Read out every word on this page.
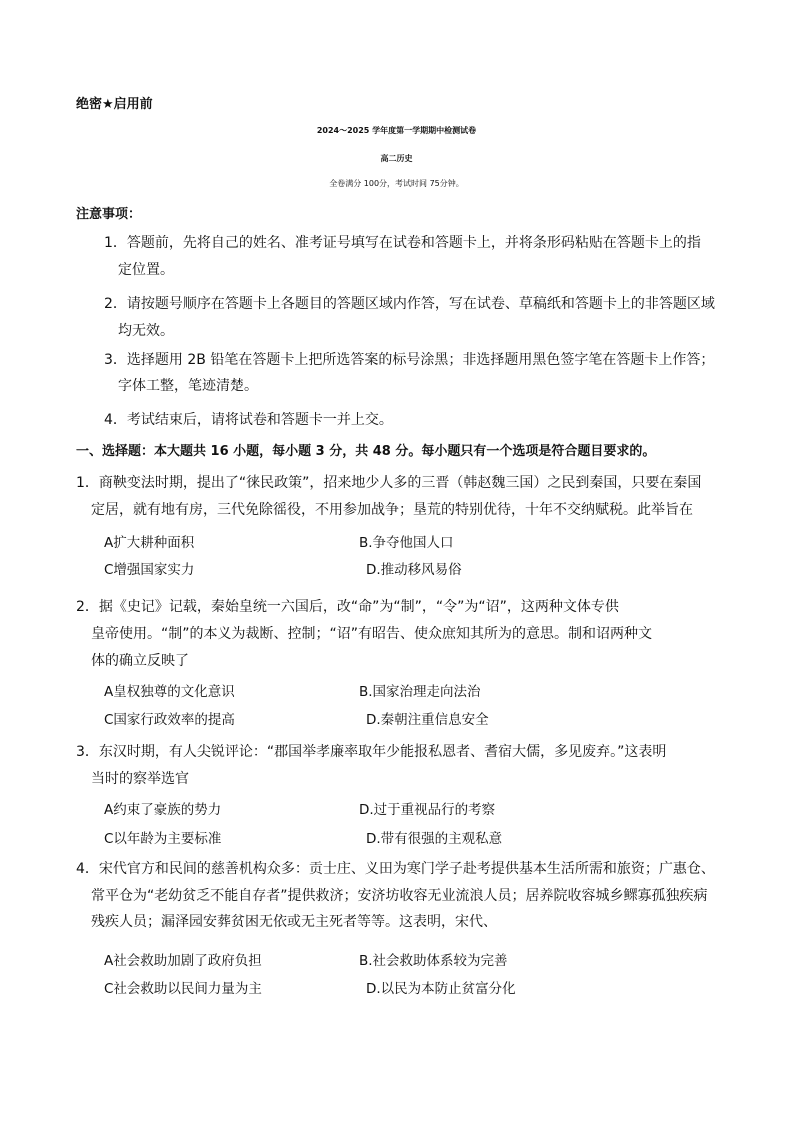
绝密★启用前
2024～2025 学年度第一学期期中检测试卷
高二历史
全卷满分 100分，考试时间 75分钟。
注意事项：
1．答题前，先将自己的姓名、准考证号填写在试卷和答题卡上，并将条形码粘贴在答题卡上的指
定位置。
2．请按题号顺序在答题卡上各题目的答题区域内作答，写在试卷、草稿纸和答题卡上的非答题区域
均无效。
3．选择题用 2B 铅笔在答题卡上把所选答案的标号涂黑；非选择题用黑色签字笔在答题卡上作答；
字体工整，笔迹清楚。
4．考试结束后，请将试卷和答题卡一并上交。
一、选择题：本大题共 16 小题，每小题 3 分，共 48 分。每小题只有一个选项是符合题目要求的。
1．商鞅变法时期，提出了“徕民政策”，招来地少人多的三晋（韩赵魏三国）之民到秦国，只要在秦国
定居，就有地有房，三代免除徭役，不用参加战争；垦荒的特别优待，十年不交纳赋税。此举旨在
A扩大耕种面积	B.争夺他国人口
C增强国家实力	D.推动移风易俗
2．据《史记》记载，秦始皇统一六国后，改“命”为“制”，“令”为“诏”，这两种文体专供
皇帝使用。“制”的本义为裁断、控制；“诏”有昭告、使众庶知其所为的意思。制和诏两种文
体的确立反映了
A皇权独尊的文化意识	B.国家治理走向法治
C国家行政效率的提高	D.秦朝注重信息安全
3．东汉时期，有人尖锐评论：“郡国举孝廉率取年少能报私恩者、耆宿大儒，多见废弃。”这表明
当时的察举选官
A约束了豪族的势力	D.过于重视品行的考察
C以年龄为主要标准	D.带有很强的主观私意
4．宋代官方和民间的慈善机构众多：贡士庄、义田为寒门学子赴考提供基本生活所需和旅资；广惠仓、
常平仓为“老幼贫乏不能自存者”提供救济；安济坊收容无业流浪人员；居养院收容城乡鳏寡孤独疾病
残疾人员；漏泽园安葬贫困无依或无主死者等等。这表明，宋代、
A社会救助加剧了政府负担	B.社会救助体系较为完善
C社会救助以民间力量为主	D.以民为本防止贫富分化
